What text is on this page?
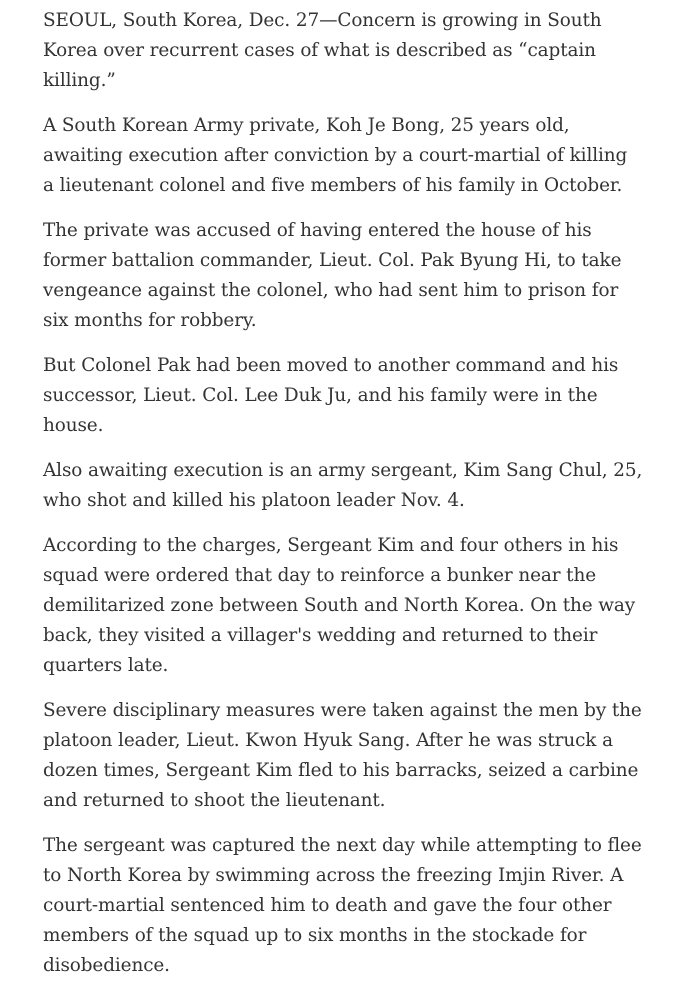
SEOUL, South Korea, Dec. 27—Concern is growing in South Korea over recurrent cases of what is described as “captain killing.”

A South Korean Army private, Koh Je Bong, 25 years old, awaiting execution after conviction by a court‐martial of killing a lieutenant colonel and five members of his family in October.

The private was accused of having entered the house of his former battalion commander, Lieut. Col. Pak Byung Hi, to take vengeance against the colonel, who had sent him to prison for six months for robbery.

But Colonel Pak had been moved to another command and his successor, Lieut. Col. Lee Duk Ju, and his family were in the house.

Also awaiting execution is an army sergeant, Kim Sang Chul, 25, who shot and killed his platoon leader Nov. 4.

According to the charges, Sergeant Kim and four others in his squad were ordered that day to reinforce a bunker near the demilitarized zone between South and North Korea. On the way back, they visited a villager's wedding and returned to their quarters late.

Severe disciplinary measures were taken against the men by the platoon leader, Lieut. Kwon Hyuk Sang. After he was struck a dozen times, Sergeant Kim fled to his barracks, seized a carbine and returned to shoot the lieutenant.

The sergeant was captured the next day while attempting to flee to North Korea by swimming across the freezing Imjin River. A court‐martial sentenced him to death and gave the four other members of the squad up to six months in the stockade for disobedience.
